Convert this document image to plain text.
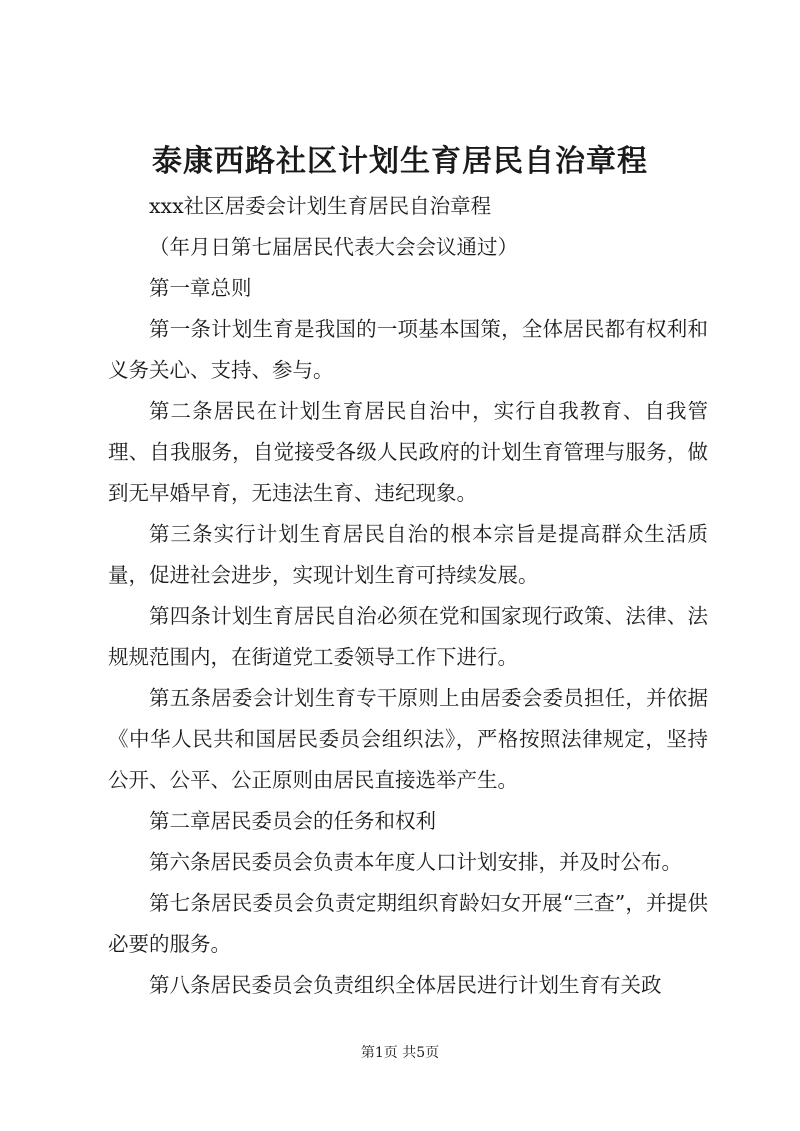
泰康西路社区计划生育居民自治章程

xxx社区居委会计划生育居民自治章程

（年月日第七届居民代表大会会议通过）

第一章总则

第一条计划生育是我国的一项基本国策，全体居民都有权利和义务关心、支持、参与。

第二条居民在计划生育居民自治中，实行自我教育、自我管理、自我服务，自觉接受各级人民政府的计划生育管理与服务，做到无早婚早育，无违法生育、违纪现象。

第三条实行计划生育居民自治的根本宗旨是提高群众生活质量，促进社会进步，实现计划生育可持续发展。

第四条计划生育居民自治必须在党和国家现行政策、法律、法规规范围内，在街道党工委领导工作下进行。

第五条居委会计划生育专干原则上由居委会委员担任，并依据《中华人民共和国居民委员会组织法》，严格按照法律规定，坚持公开、公平、公正原则由居民直接选举产生。

第二章居民委员会的任务和权利

第六条居民委员会负责本年度人口计划安排，并及时公布。

第七条居民委员会负责定期组织育龄妇女开展“三查”，并提供必要的服务。

第八条居民委员会负责组织全体居民进行计划生育有关政

第1页 共5页
